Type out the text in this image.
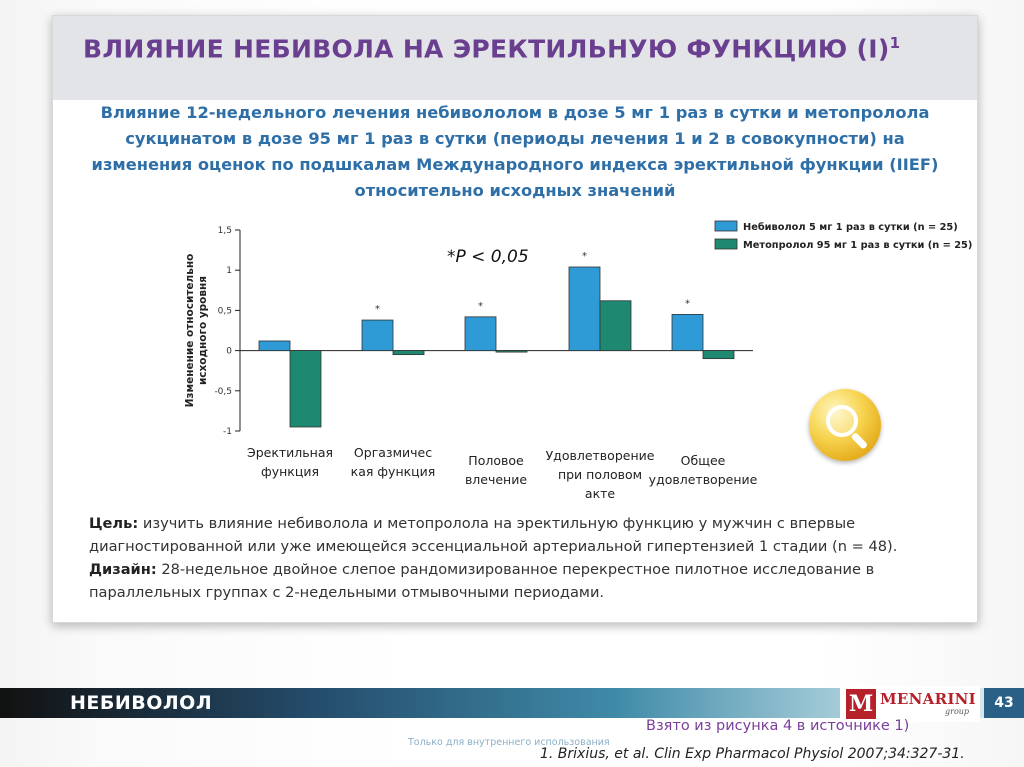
ВЛИЯНИЕ НЕБИВОЛА НА ЭРЕКТИЛЬНУЮ ФУНКЦИЮ $(I)^1$

Влияние 12-недельного лечения небивололом в дозе 5 мг 1 раз в сутки и метопролола
сукцинатом в дозе 95 мг 1 раз в сутки (периоды лечения 1 и 2 в совокупности) на
изменения оценок по подшкалам Международного индекса эректильной функции (IIEF)
относительно исходных значений

1,5
1
0,5
0
-0,5
-1
Изменение относительноисходного уровня	*	*
*
*
*P < 0,05
Эректильная функция
Оргазмичес кая функция
Половое влечение
Удовлетворение при половом акте
Общее удовлетворение
Небиволол 5 мг 1 раз в сутки (n = 25)
Метопролол 95 мг 1 раз в сутки (n = 25)

Цель: изучить влияние небиволола и метопролола на эректильную функцию у мужчин с впервые диагностированной или уже имеющейся эссенциальной артериальной гипертензией 1 стадии (n = 48).
Дизайн: 28-недельное двойное слепое рандомизированное перекрестное пилотное исследование в параллельных группах с 2-недельными отмывочными периодами.

НЕБИВОЛОЛ	M MENARINI
group
43
Взято из рисунка 4 в источнике 1)
Только для внутреннего использования
1. Brixius, et al. Clin Exp Pharmacol Physiol 2007;34:327-31.
